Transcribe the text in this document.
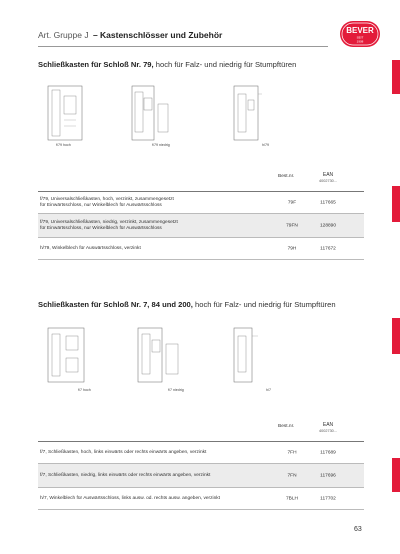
Art. Gruppe J – Kastenschlösser und Zubehör	BEVER
SEIT
1908
Schließkasten für Schloß Nr. 79, hoch für Falz- und niedrig für Stumpftüren
f/79 hoch	f/79 niedrig	h/79
Best.nr.	EAN
4002730...
f/79, Universalschließkasten, hoch, verzinkt, zusammengesetzt
für Einwärtsschloss, nur Winkelblech für Auswärtsschloss	79F	117665
f/79, Universalschließkasten, niedrig, verzinkt, zusammengesetzt
für Einwärtsschloss, nur Winkelblech für Auswärtsschloss	79FN	128890
h/79, Winkelblech für Auswärtsschloss, verzinkt	79H	117672
Schließkasten für Schloß Nr. 7, 84 und 200, hoch für Falz- und niedrig für Stumpftüren
f/7 hoch	f/7 niedrig	h/7
Best.nr.	EAN
4002730...
f/7, Schließkasten, hoch, links einwärts oder rechts einwärts angeben, verzinkt	7FH	117689
f/7, Schließkasten, niedrig, links einwärts oder rechts einwärts angeben, verzinkt	7FN	117696
h/7, Winkelblech für Auswärtsschloss, links ausw. od. rechts ausw. angeben, verzinkt	7BLH	117702
63
